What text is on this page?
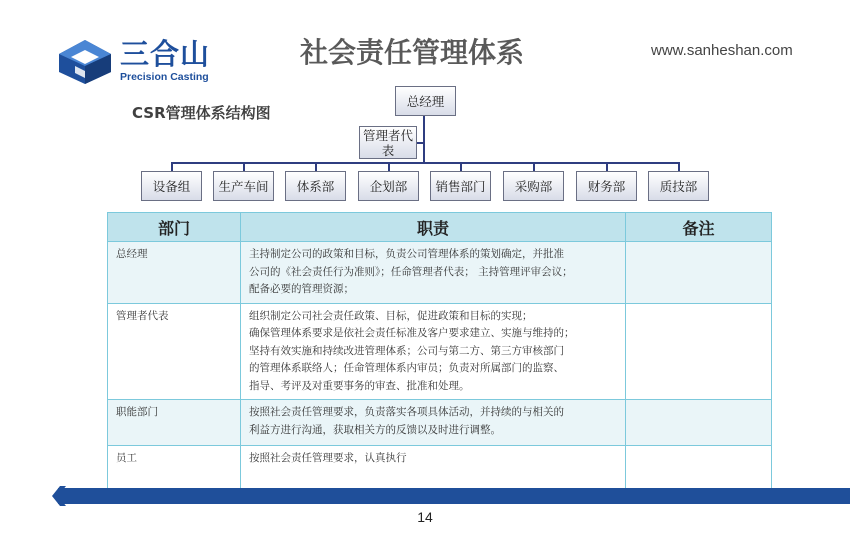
三合山
Precision Casting
社会责任管理体系	www.sanheshan.com
CSR管理体系结构图
总经理
管理者代
表
设备组	生产车间	体系部	企划部	销售部门	采购部	财务部	质技部
部门	职责	备注
总经理	主持制定公司的政策和目标，负责公司管理体系的策划确定，并批准
公司的《社会责任行为准则》；任命管理者代表； 主持管理评审会议；
配备必要的管理资源；	
管理者代表	组织制定公司社会责任政策、目标，促进政策和目标的实现；
确保管理体系要求是依社会责任标准及客户要求建立、实施与维持的；
坚持有效实施和持续改进管理体系；公司与第二方、第三方审核部门
的管理体系联络人；任命管理体系内审员；负责对所属部门的监察、
指导、考评及对重要事务的审查、批准和处理。	
职能部门	按照社会责任管理要求，负责落实各项具体活动，并持续的与相关的
利益方进行沟通，获取相关方的反馈以及时进行调整。	
员工	按照社会责任管理要求，认真执行	
14
